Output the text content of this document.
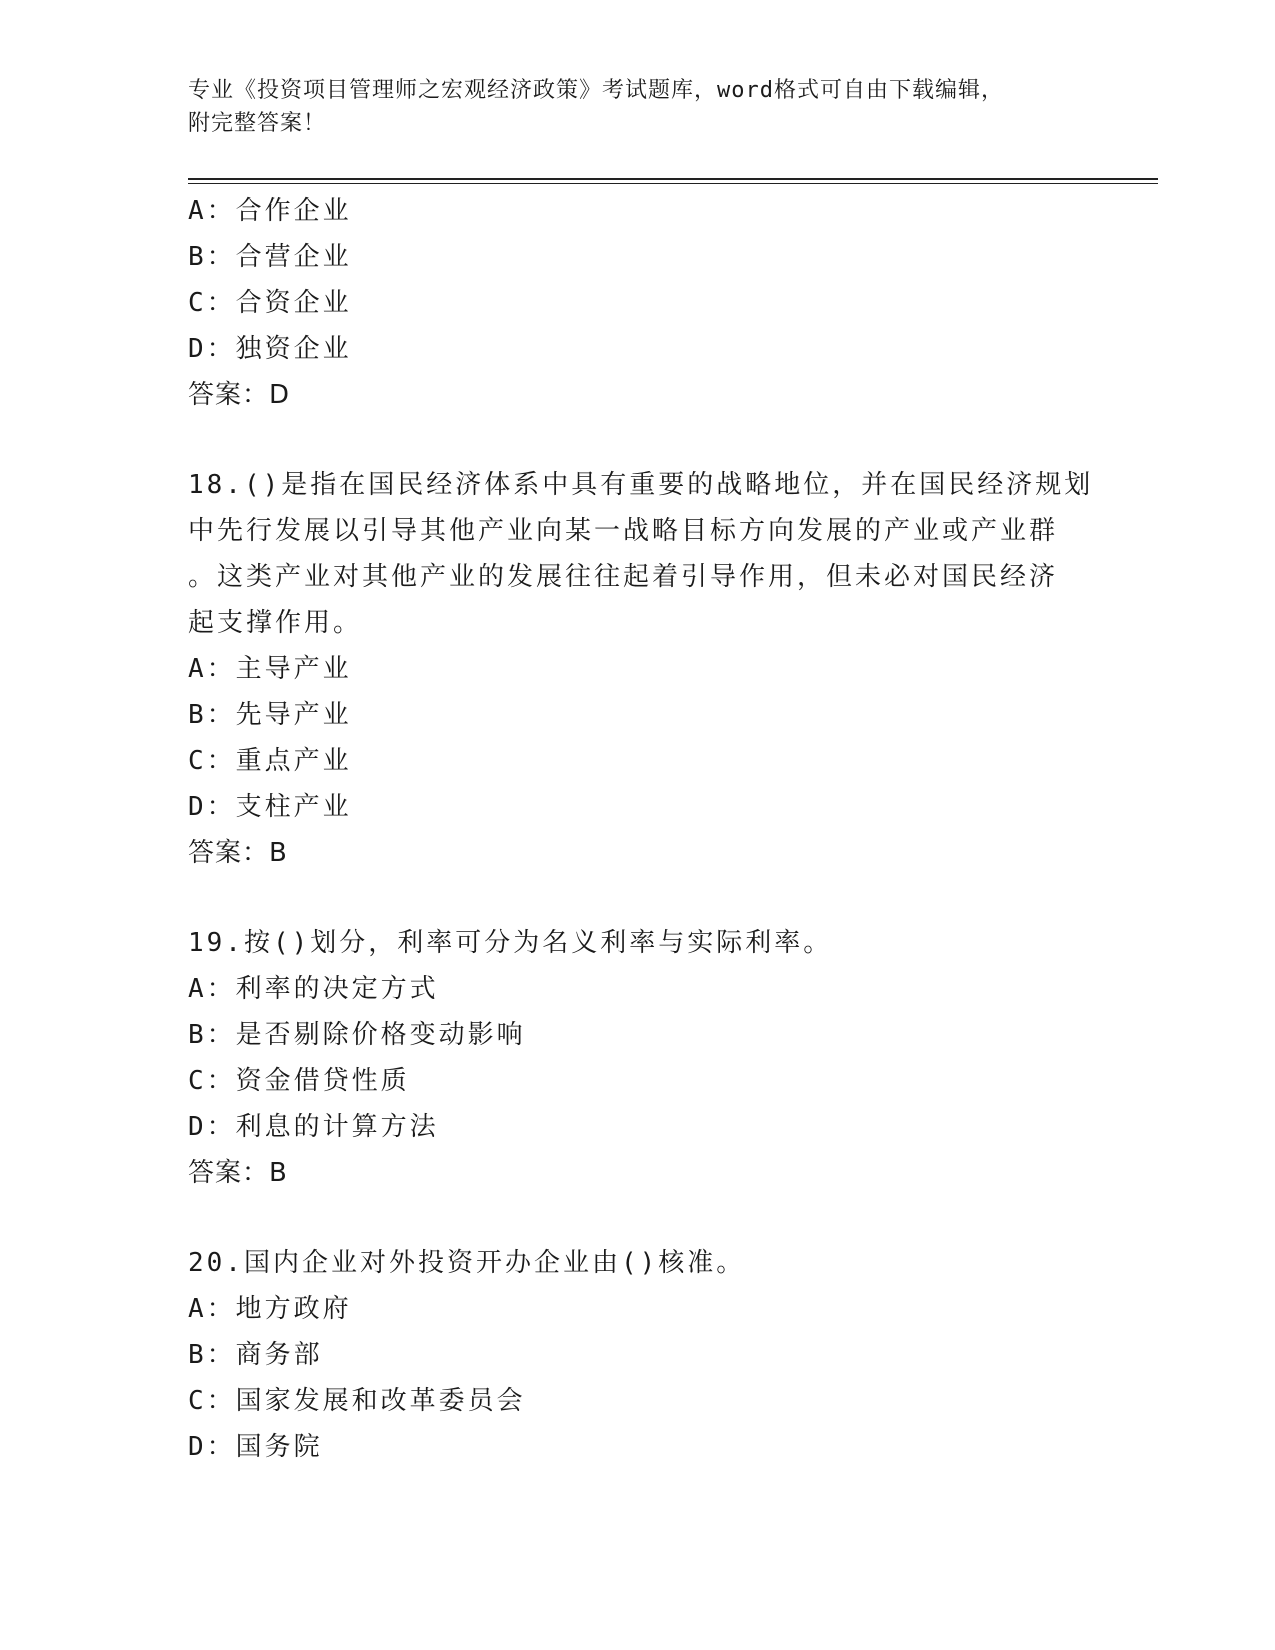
专业《投资项目管理师之宏观经济政策》考试题库，word格式可自由下载编辑，
附完整答案！
A：合作企业
B：合营企业
C：合资企业
D：独资企业
答案：D
18.()是指在国民经济体系中具有重要的战略地位，并在国民经济规划
中先行发展以引导其他产业向某一战略目标方向发展的产业或产业群
。这类产业对其他产业的发展往往起着引导作用，但未必对国民经济
起支撑作用。
A：主导产业
B：先导产业
C：重点产业
D：支柱产业
答案：B
19.按()划分，利率可分为名义利率与实际利率。
A：利率的决定方式
B：是否剔除价格变动影响
C：资金借贷性质
D：利息的计算方法
答案：B
20.国内企业对外投资开办企业由()核准。
A：地方政府
B：商务部
C：国家发展和改革委员会
D：国务院
